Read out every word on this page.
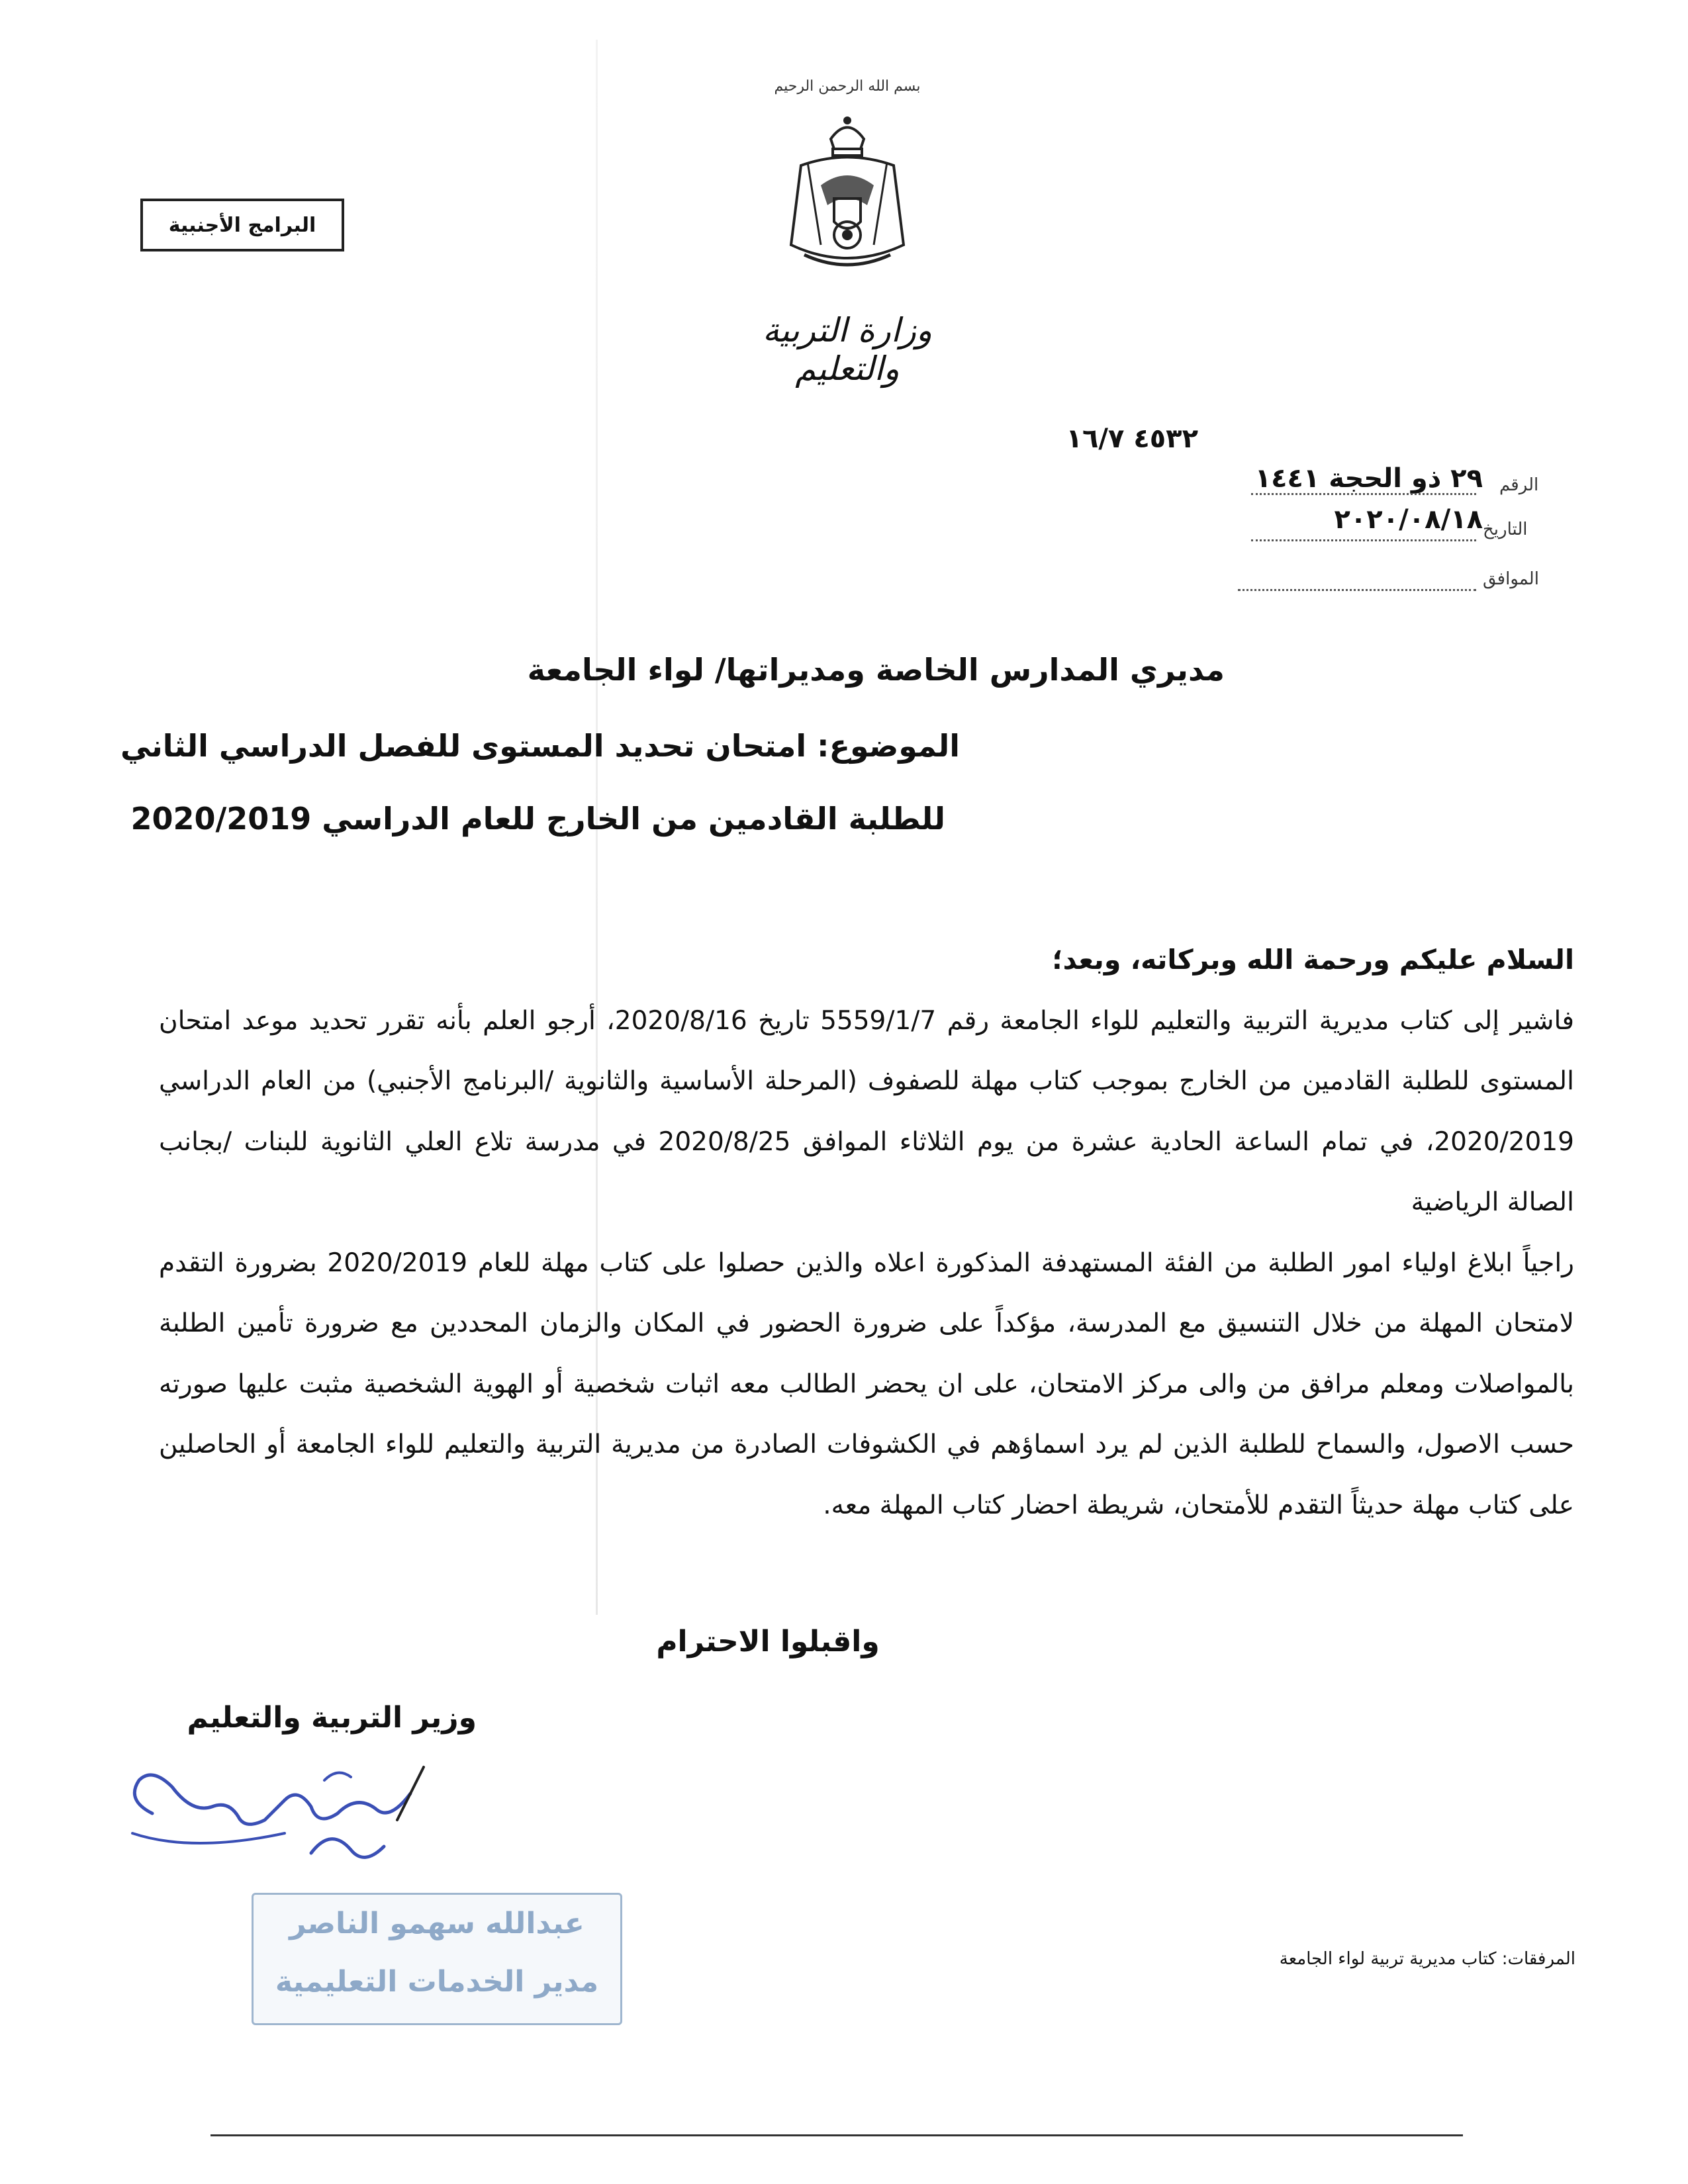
البرامج الأجنبية
بسم الله الرحمن الرحيم
وزارة التربية والتعليم
٤٥٣٢ ١٦/٧
٢٩ ذو الحجة ١٤٤١
٢٠٢٠/٠٨/١٨
الرقم
التاريخ
الموافق
مديري المدارس الخاصة ومديراتها/ لواء الجامعة
الموضوع: امتحان تحديد المستوى للفصل الدراسي الثاني
للطلبة القادمين من الخارج للعام الدراسي 2020/2019

السلام عليكم ورحمة الله وبركاته، وبعد؛

فاشير إلى كتاب مديرية التربية والتعليم للواء الجامعة رقم 5559/1/7 تاريخ 2020/8/16، أرجو العلم بأنه تقرر تحديد موعد امتحان المستوى للطلبة القادمين من الخارج بموجب كتاب مهلة للصفوف (المرحلة الأساسية والثانوية /البرنامج الأجنبي) من العام الدراسي 2020/2019، في تمام الساعة الحادية عشرة من يوم الثلاثاء الموافق 2020/8/25 في مدرسة تلاع العلي الثانوية للبنات /بجانب الصالة الرياضية

راجياً ابلاغ اولياء امور الطلبة من الفئة المستهدفة المذكورة اعلاه والذين حصلوا على كتاب مهلة للعام 2020/2019 بضرورة التقدم لامتحان المهلة من خلال التنسيق مع المدرسة، مؤكداً على ضرورة الحضور في المكان والزمان المحددين مع ضرورة تأمين الطلبة بالمواصلات ومعلم مرافق من والى مركز الامتحان، على ان يحضر الطالب معه اثبات شخصية أو الهوية الشخصية مثبت عليها صورته حسب الاصول، والسماح للطلبة الذين لم يرد اسماؤهم في الكشوفات الصادرة من مديرية التربية والتعليم للواء الجامعة أو الحاصلين على كتاب مهلة حديثاً التقدم للأمتحان، شريطة احضار كتاب المهلة معه.

واقبلوا الاحترام
وزير التربية والتعليم
عبدالله سهمو الناصر
مدير الخدمات التعليمية
المرفقات: كتاب مديرية تربية لواء الجامعة
